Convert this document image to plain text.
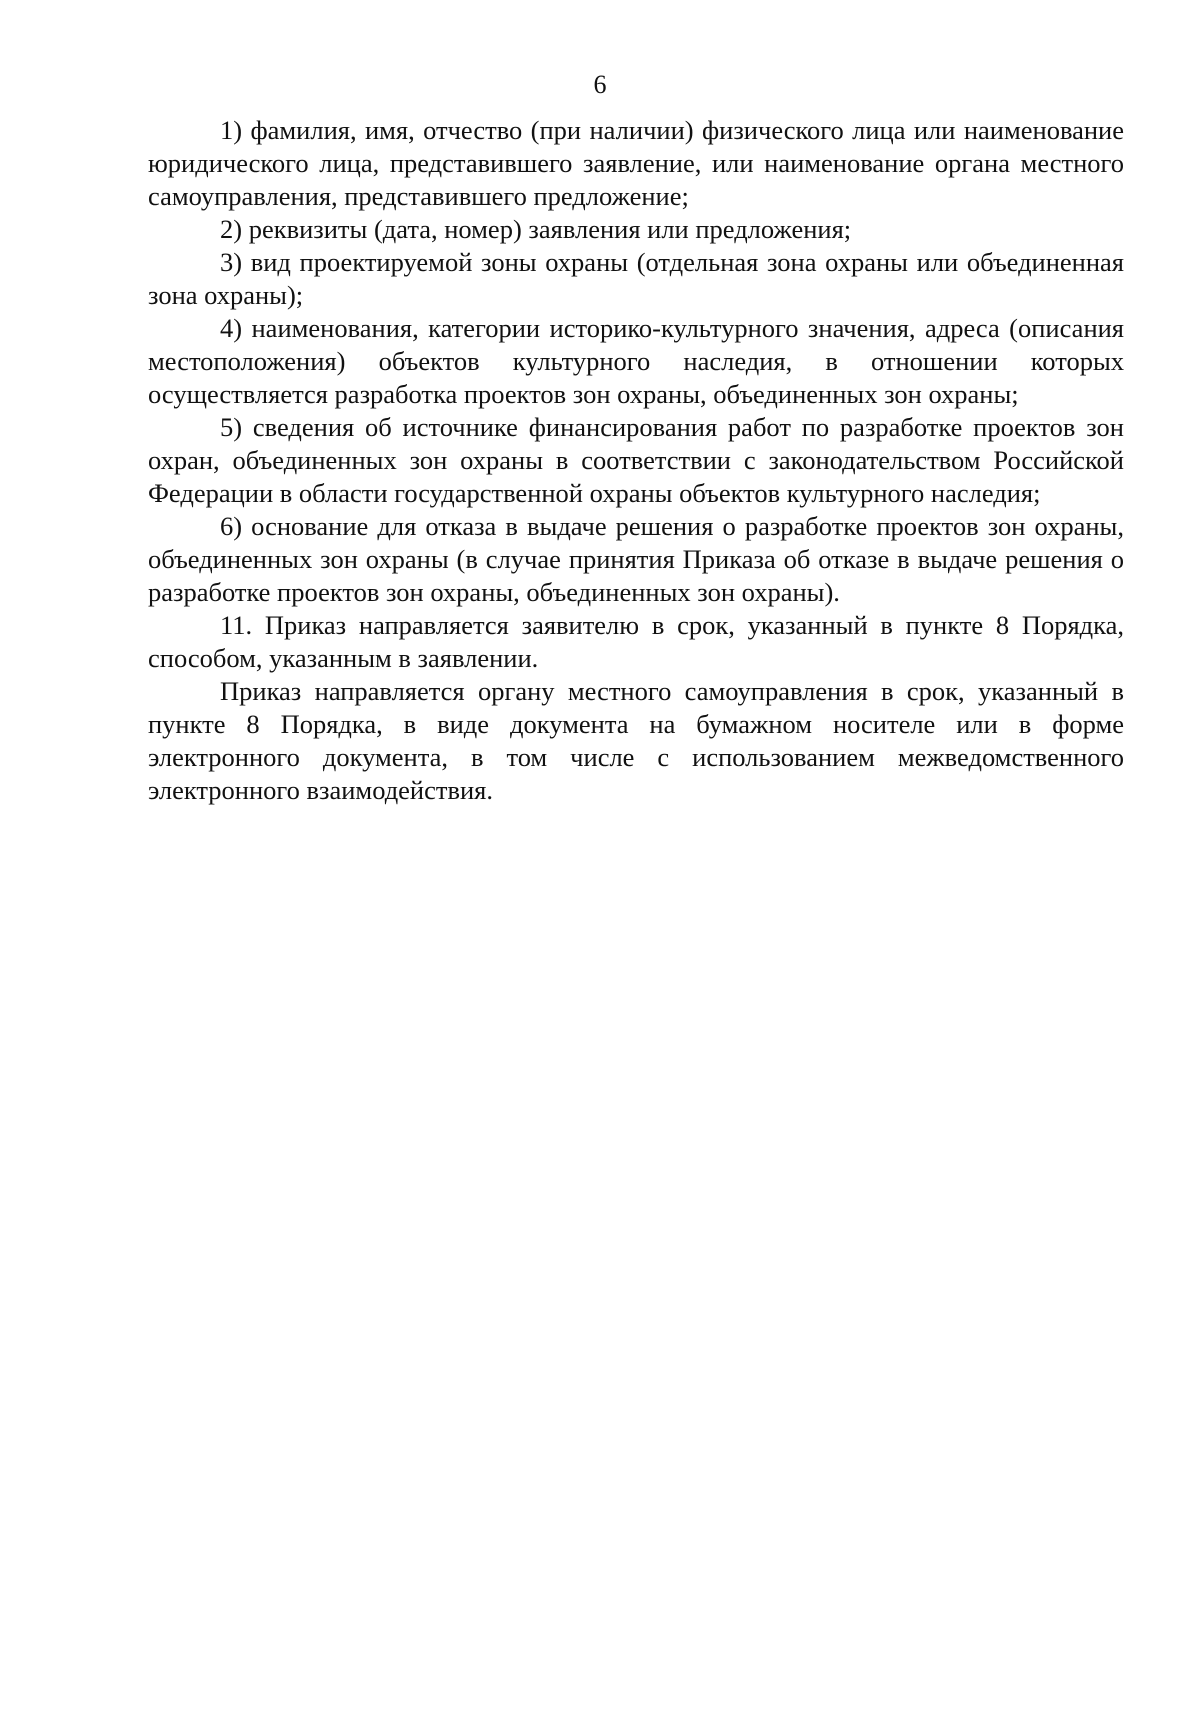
6

1) фамилия, имя, отчество (при наличии) физического лица или наименование юридического лица, представившего заявление, или наименование органа местного самоуправления, представившего предложение;

2) реквизиты (дата, номер) заявления или предложения;

3) вид проектируемой зоны охраны (отдельная зона охраны или объединенная зона охраны);

4) наименования, категории историко-культурного значения, адреса (описания местоположения) объектов культурного наследия, в отношении которых осуществляется разработка проектов зон охраны, объединенных зон охраны;

5) сведения об источнике финансирования работ по разработке проектов зон охран, объединенных зон охраны в соответствии с законодательством Российской Федерации в области государственной охраны объектов культурного наследия;

6) основание для отказа в выдаче решения о разработке проектов зон охраны, объединенных зон охраны (в случае принятия Приказа об отказе в выдаче решения о разработке проектов зон охраны, объединенных зон охраны).

11. Приказ направляется заявителю в срок, указанный в пункте 8 Порядка, способом, указанным в заявлении.

Приказ направляется органу местного самоуправления в срок, указанный в пункте 8 Порядка, в виде документа на бумажном носителе или в форме электронного документа, в том числе с использованием межведомственного электронного взаимодействия.
